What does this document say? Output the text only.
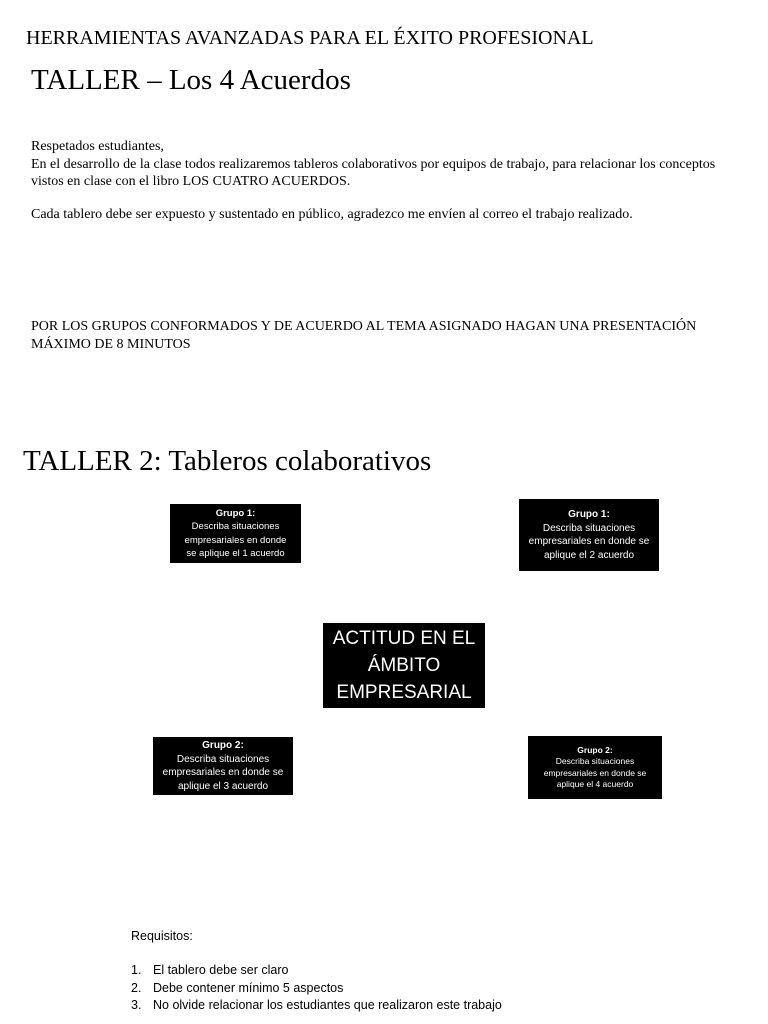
HERRAMIENTAS AVANZADAS PARA EL ÉXITO PROFESIONAL
TALLER – Los 4 Acuerdos
Respetados estudiantes,
En el desarrollo de la clase todos realizaremos tableros colaborativos por equipos de trabajo, para relacionar los conceptos
vistos en clase con el libro LOS CUATRO ACUERDOS.
Cada tablero debe ser expuesto y sustentado en público, agradezco me envíen al correo el trabajo realizado.
POR LOS GRUPOS CONFORMADOS Y DE ACUERDO AL TEMA ASIGNADO HAGAN UNA PRESENTACIÓN
MÁXIMO DE 8 MINUTOS
TALLER 2: Tableros colaborativos
Grupo 1:
Describa situaciones
empresariales en donde
se aplique el 1 acuerdo
Grupo 1:
Describa situaciones
empresariales en donde se
aplique el 2 acuerdo
ACTITUD EN EL
ÁMBITO
EMPRESARIAL
Grupo 2:
Describa situaciones
empresariales en donde se
aplique el 3 acuerdo
Grupo 2:
Describa situaciones
empresariales en donde se
aplique el 4 acuerdo
Requisitos:
1. El tablero debe ser claro
2. Debe contener mínimo 5 aspectos
3. No olvide relacionar los estudiantes que realizaron este trabajo
